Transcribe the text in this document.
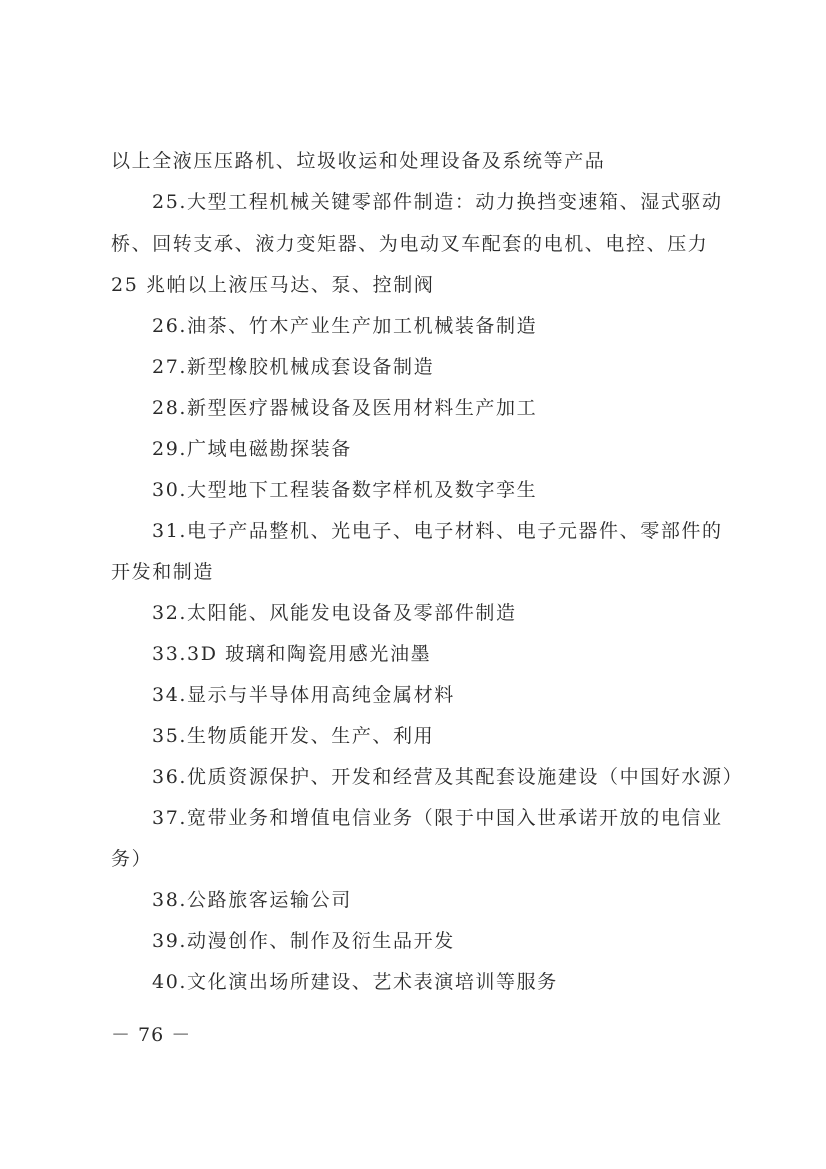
以上全液压压路机、垃圾收运和处理设备及系统等产品
25.大型工程机械关键零部件制造：动力换挡变速箱、湿式驱动
桥、回转支承、液力变矩器、为电动叉车配套的电机、电控、压力
25 兆帕以上液压马达、泵、控制阀
26.油茶、竹木产业生产加工机械装备制造
27.新型橡胶机械成套设备制造
28.新型医疗器械设备及医用材料生产加工
29.广域电磁勘探装备
30.大型地下工程装备数字样机及数字孪生
31.电子产品整机、光电子、电子材料、电子元器件、零部件的
开发和制造
32.太阳能、风能发电设备及零部件制造
33.3D 玻璃和陶瓷用感光油墨
34.显示与半导体用高纯金属材料
35.生物质能开发、生产、利用
36.优质资源保护、开发和经营及其配套设施建设（中国好水源）
37.宽带业务和增值电信业务（限于中国入世承诺开放的电信业
务）
38.公路旅客运输公司
39.动漫创作、制作及衍生品开发
40.文化演出场所建设、艺术表演培训等服务
－ 76 －
